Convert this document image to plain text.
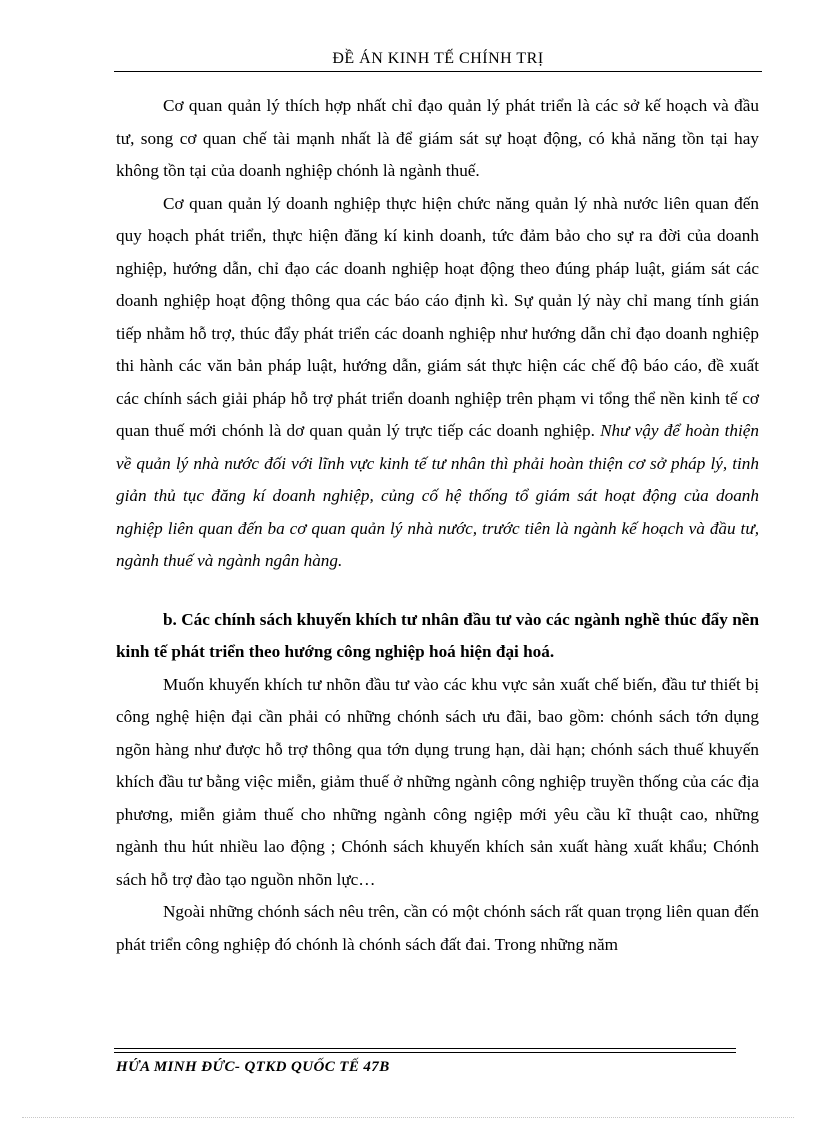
ĐỀ ÁN KINH TẾ CHÍNH TRỊ

Cơ quan quản lý thích hợp nhất chỉ đạo quản lý phát triển là các sở kế hoạch và đầu tư, song cơ quan chế tài mạnh nhất là để giám sát sự hoạt động, có khả năng tồn tại hay không tồn tại của doanh nghiệp chónh là ngành thuế.

Cơ quan quản lý doanh nghiệp thực hiện chức năng quản lý nhà nước liên quan đến quy hoạch phát triển, thực hiện đăng kí kinh doanh, tức đảm bảo cho sự ra đời của doanh nghiệp, hướng dẫn, chỉ đạo các doanh nghiệp hoạt động theo đúng pháp luật, giám sát các doanh nghiệp hoạt động thông qua các báo cáo định kì. Sự quản lý này chỉ mang tính gián tiếp nhằm hỗ trợ, thúc đẩy phát triển các doanh nghiệp như hướng dẫn chỉ đạo doanh nghiệp thi hành các văn bản pháp luật, hướng dẫn, giám sát thực hiện các chế độ báo cáo, đề xuất các chính sách giải pháp hỗ trợ phát triển doanh nghiệp trên phạm vi tổng thể nền kinh tế cơ quan thuế mới chónh là dơ quan quản lý trực tiếp các doanh nghiệp. Như vậy để hoàn thiện về quản lý nhà nước đối với lĩnh vực kinh tế tư nhân thì phải hoàn thiện cơ sở pháp lý, tinh giản thủ tục đăng kí doanh nghiệp, củng cố hệ thống tổ giám sát hoạt động của doanh nghiệp liên quan đến ba cơ quan quản lý nhà nước, trước tiên là ngành kế hoạch và đầu tư, ngành thuế và ngành ngân hàng.

b. Các chính sách khuyến khích tư nhân đầu tư vào các ngành nghề thúc đẩy nền kinh tế phát triển theo hướng công nghiệp hoá hiện đại hoá.

Muốn khuyến khích tư nhõn đầu tư vào các khu vực sản xuất chế biến, đầu tư thiết bị công nghệ hiện đại cần phải có những chónh sách ưu đãi, bao gồm: chónh sách tớn dụng ngõn hàng như được hỗ trợ thông qua tớn dụng trung hạn, dài hạn; chónh sách thuế khuyến khích đầu tư bằng việc miễn, giảm thuế ở những ngành công nghiệp truyền thống của các địa phương, miễn giảm thuế cho những ngành công ngiệp mới yêu cầu kĩ thuật cao, những ngành thu hút nhiều lao động ; Chónh sách khuyến khích sản xuất hàng xuất khẩu; Chónh sách hỗ trợ đào tạo nguồn nhõn lực…

Ngoài những chónh sách nêu trên, cần có một chónh sách rất quan trọng liên quan đến phát triển công nghiệp đó chónh là chónh sách đất đai. Trong những năm

HỨA MINH ĐỨC- QTKD QUỐC TẾ 47B
